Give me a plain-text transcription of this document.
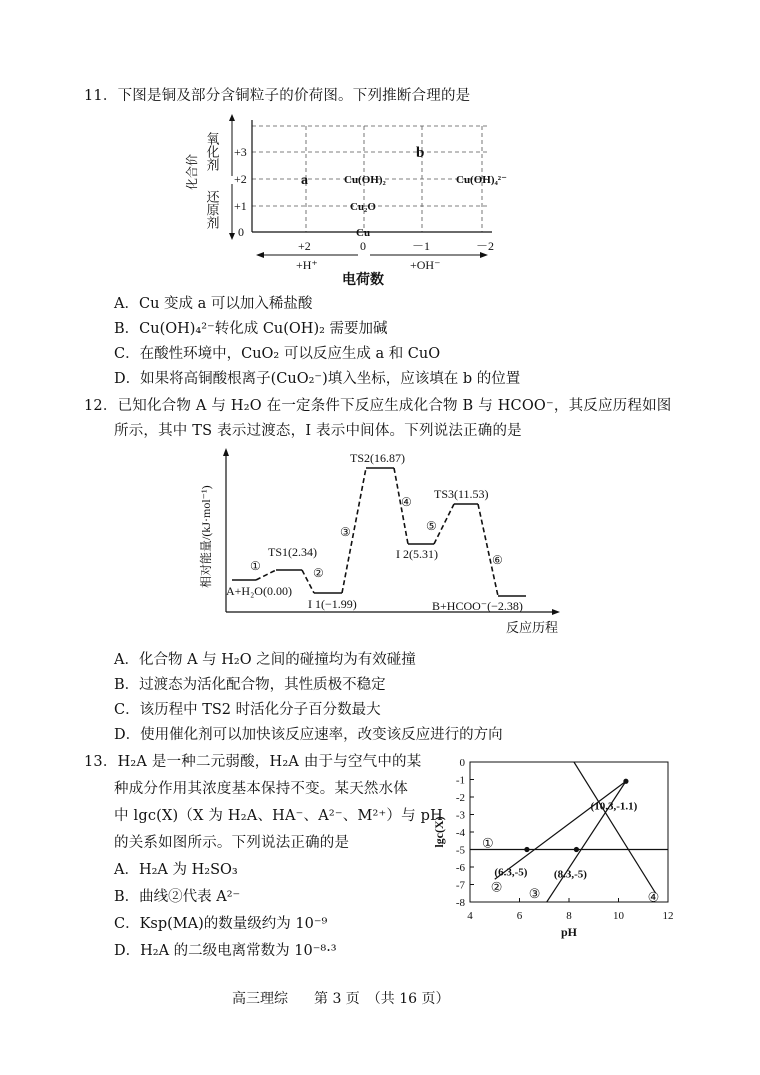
11．下图是铜及部分含铜粒子的价荷图。下列推断合理的是
氧化剂
还原剂
化合价
+3
+2
+1
0
+2	0	－1	－2
+H⁺	+OH⁻
电荷数
a	Cu(OH)₂	Cu(OH)₄²⁻
Cu₂O
Cu
b
A．Cu 变成 a 可以加入稀盐酸
B．Cu(OH)₄²⁻转化成 Cu(OH)₂ 需要加碱
C．在酸性环境中，CuO₂ 可以反应生成 a 和 CuO
D．如果将高铜酸根离子(CuO₂⁻)填入坐标，应该填在 b 的位置
12．已知化合物 A 与 H₂O 在一定条件下反应生成化合物 B 与 HCOO⁻，其反应历程如图
所示，其中 TS 表示过渡态，I 表示中间体。下列说法正确的是
相对能量/(kJ·mol⁻¹)
反应历程
A+H₂O(0.00)
TS1(2.34)
I 1(−1.99)
TS2(16.87)
I 2(5.31)
TS3(11.53)
B+HCOO⁻(−2.38)
①	②
③
④
⑤
⑥
A．化合物 A 与 H₂O 之间的碰撞均为有效碰撞
B．过渡态为活化配合物，其性质极不稳定
C．该历程中 TS2 时活化分子百分数最大
D．使用催化剂可以加快该反应速率，改变该反应进行的方向
13．H₂A 是一种二元弱酸，H₂A 由于与空气中的某
种成分作用其浓度基本保持不变。某天然水体
中 lgc(X)（X 为 H₂A、HA⁻、A²⁻、M²⁺）与 pH
的关系如图所示。下列说法正确的是
A．H₂A 为 H₂SO₃
B．曲线②代表 A²⁻
C．Ksp(MA)的数量级约为 10⁻⁹
D．H₂A 的二级电离常数为 10⁻⁸·³
4	6	8	10	12
0
-1
-2
-3
-4
-5
-6
-7
-8
pH
lgc(X)	①
② ③	④
(6.3,-5) (8.3,-5)
(10.3,-1.1)
高三理综 第 3 页　（共 16 页）
